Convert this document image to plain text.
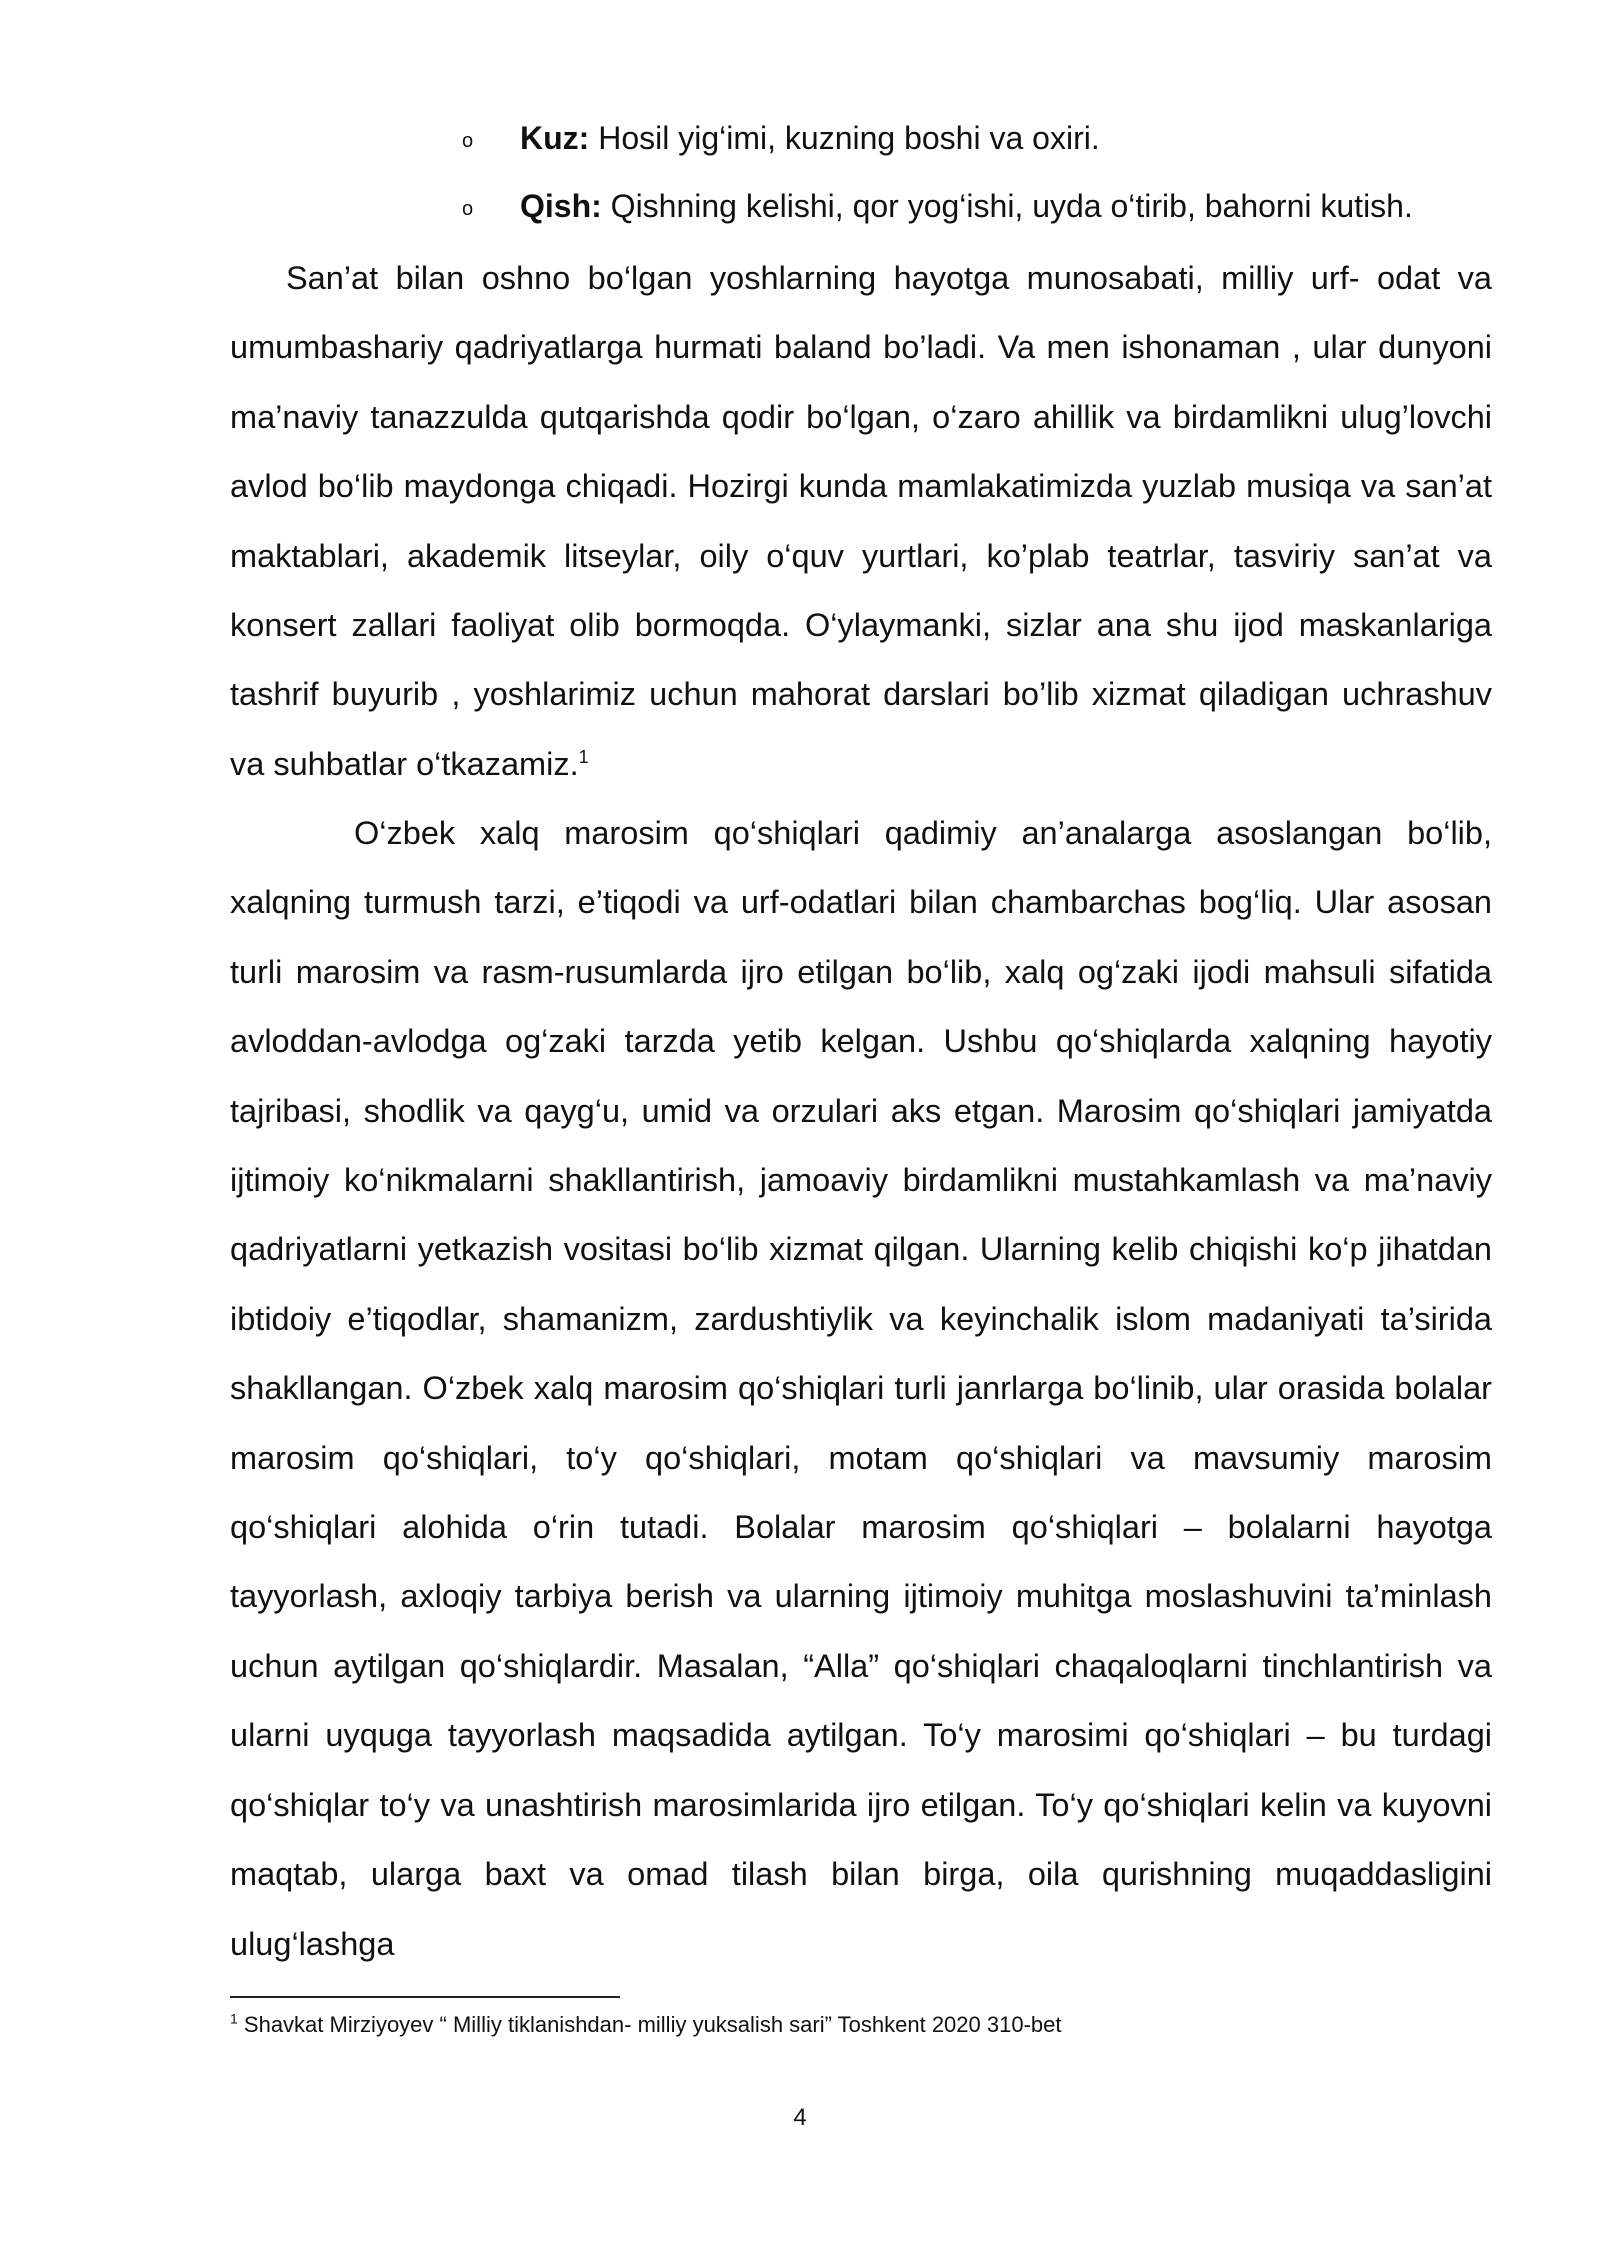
o Kuz: Hosil yig‘imi, kuzning boshi va oxiri.
o Qish: Qishning kelishi, qor yog‘ishi, uyda o‘tirib, bahorni kutish.

San’at bilan oshno bo‘lgan yoshlarning hayotga munosabati, milliy urf- odat va umumbashariy qadriyatlarga hurmati baland bo’ladi. Va men ishonaman , ular dunyoni ma’naviy tanazzulda qutqarishda qodir bo‘lgan, o‘zaro ahillik va birdamlikni ulug’lovchi avlod bo‘lib maydonga chiqadi. Hozirgi kunda mamlakatimizda yuzlab musiqa va san’at maktablari, akademik litseylar, oily o‘quv yurtlari, ko’plab teatrlar, tasviriy san’at va konsert zallari faoliyat olib bormoqda. O‘ylaymanki, sizlar ana shu ijod maskanlariga tashrif buyurib , yoshlarimiz uchun mahorat darslari bo’lib xizmat qiladigan uchrashuv va suhbatlar o‘tkazamiz.$^1$

O‘zbek xalq marosim qo‘shiqlari qadimiy an’analarga asoslangan bo‘lib, xalqning turmush tarzi, e’tiqodi va urf-odatlari bilan chambarchas bog‘liq. Ular asosan turli marosim va rasm-rusumlarda ijro etilgan bo‘lib, xalq og‘zaki ijodi mahsuli sifatida avloddan-avlodga og‘zaki tarzda yetib kelgan. Ushbu qo‘shiqlarda xalqning hayotiy tajribasi, shodlik va qayg‘u, umid va orzulari aks etgan. Marosim qo‘shiqlari jamiyatda ijtimoiy ko‘nikmalarni shakllantirish, jamoaviy birdamlikni mustahkamlash va ma’naviy qadriyatlarni yetkazish vositasi bo‘lib xizmat qilgan. Ularning kelib chiqishi ko‘p jihatdan ibtidoiy e’tiqodlar, shamanizm, zardushtiylik va keyinchalik islom madaniyati ta’sirida shakllangan. O‘zbek xalq marosim qo‘shiqlari turli janrlarga bo‘linib, ular orasida bolalar marosim qo‘shiqlari, to‘y qo‘shiqlari, motam qo‘shiqlari va mavsumiy marosim qo‘shiqlari alohida o‘rin tutadi. Bolalar marosim qo‘shiqlari – bolalarni hayotga tayyorlash, axloqiy tarbiya berish va ularning ijtimoiy muhitga moslashuvini ta’minlash uchun aytilgan qo‘shiqlardir. Masalan, “Alla” qo‘shiqlari chaqaloqlarni tinchlantirish va ularni uyquga tayyorlash maqsadida aytilgan. To‘y marosimi qo‘shiqlari – bu turdagi qo‘shiqlar to‘y va unashtirish marosimlarida ijro etilgan. To‘y qo‘shiqlari kelin va kuyovni maqtab, ularga baxt va omad tilash bilan birga, oila qurishning muqaddasligini ulug‘lashga

$^1$ Shavkat Mirziyoyev “ Milliy tiklanishdan- milliy yuksalish sari” Toshkent 2020 310-bet
4
